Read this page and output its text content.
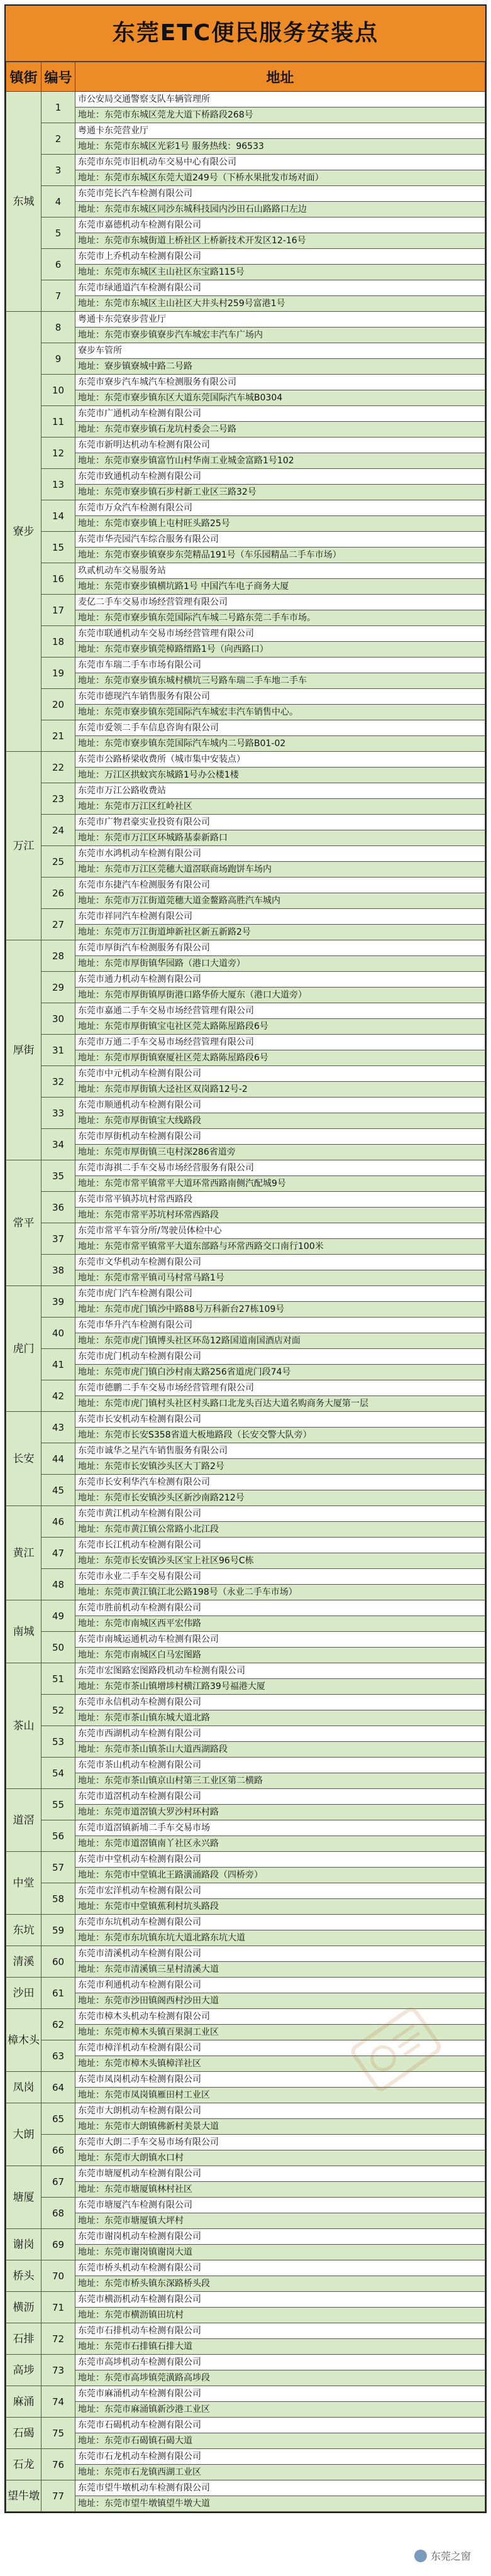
东莞ETC便民服务安装点
镇街	编号	地址
东城	1	市公安局交通警察支队车辆管理所
		地址：东莞市东城区莞龙大道下桥路段268号
	2	粤通卡东莞营业厅
		地址：东莞市东城区光彩1号 服务热线：96533
	3	东莞市东莞市旧机动车交易中心有限公司
		地址：东莞市东城区东莞大道249号（下桥水果批发市场对面）
	4	东莞市莞长汽车检测有限公司
		地址：东莞市东城区同沙东城科技园内沙田石山路路口左边
	5	东莞市嘉德机动车检测有限公司
		地址：东莞市东城街道上桥社区上桥新技术开发区12-16号
	6	东莞市上乔机动车检测有限公司
		地址：东莞市东城区主山社区东宝路115号
	7	东莞市绿通道汽车检测有限公司
		地址：东莞市东城区主山社区大井头村259号富港1号
寮步	8	粤通卡东莞寮步营业厅
		地址：东莞市寮步镇寮步汽车城宏丰汽车广场内
	9	寮步车管所
		地址：寮步镇寮城中路二号路
	10	东莞市寮步汽车城汽车检测服务有限公司
		地址：东莞市寮步镇东区大道东莞国际汽车城B0304
	11	东莞市广通机动车检测有限公司
		地址：东莞市寮步镇石龙坑村委会二号路
	12	东莞市新明达机动车检测有限公司
		地址：东莞市寮步镇富竹山村华南工业城金富路1号102
	13	东莞市致通机动车检测有限公司
		地址：东莞市寮步镇石步村新工业区三路32号
	14	东莞市万众汽车检测有限公司
		地址：东莞市寮步镇上屯村旺头路25号
	15	东莞市华壳园汽车综合服务有限公司
		地址：东莞市寮步镇寮步东莞精品191号（车乐园精品二手车市场）
	16	玖贰机动车交易服务站
		地址：东莞市寮步镇横坑路1号 中国汽车电子商务大厦
	17	麦亿二手车交易市场经营管理有限公司
		地址：东莞市寮步镇东莞国际汽车城二号路东莞二手车市场。
	18	东莞市联通机动车交易市场经营管理有限公司
		地址：东莞市寮步镇莞樟路缙路1号（向西路口）
	19	东莞市车瑞二手车市场有限公司
		地址：东莞市寮步镇东城村横坑三号路车瑞二手车地二手车
	20	东莞市德现汽车销售服务有限公司
		地址：东莞市寮步镇东莞国际汽车城宏丰汽车销售中心。
	21	东莞市爱领二手车信息咨询有限公司
		地址：东莞市寮步镇东莞国际汽车城内二号路B01-02
万江	22	东莞市公路桥梁收费所（城市集中安装点）
		地址：万江区拱蚊宾东城路1号办公楼1楼
	23	东莞市万江公路收费站
		地址：东莞市万江区红岭社区
	24	东莞市广物君豪实业投资有限公司
		地址：东莞市万江区环城路基泰新路口
	25	东莞市水鸿机动车检测有限公司
		地址：东莞市万江区莞穗大道滘联商场跑饼车场内
	26	东莞市东捷汽车检测服务有限公司
		地址：东莞市万江街道莞穗大道金鳌路高胜汽车城内
	27	东莞市祥同汽车检测有限公司
		地址：东莞市万江街道坤新社区新五新路2号
厚街	28	东莞市厚街汽车检测服务有限公司
		地址：东莞市厚街镇华园路（港口大道旁）
	29	东莞市通力机动车检测有限公司
		地址：东莞市厚街镇厚街港口路华侨大厦东（港口大道旁）
	30	东莞市嘉通二手车交易市场经营管理有限公司
		地址：东莞市厚街镇宝屯社区莞太路陈屋路段6号
	31	东莞市万通二手车交易市场经营管理有限公司
		地址：东莞市厚街镇寮厦社区莞太路陈屋路段6号
	32	东莞市中元机动车检测有限公司
		地址：东莞市厚街镇大迳社区双岗路12号-2
	33	东莞市顺通机动车检测有限公司
		地址：东莞市厚街镇宝大线路段
	34	东莞市厚街机动车检测有限公司
		地址：东莞市厚街镇三屯村深286省道旁
常平	35	东莞市海祺二手车交易市场经营服务有限公司
		地址：东莞市常平镇常平大道环常西路南侧汽配城9号
	36	东莞市常平镇苏坑村常西路段
		地址：东莞市常平苏坑村环常西路段
	37	东莞市常平车管分所/驾驶员体检中心
		地址：东莞市常平镇常平大道东部路与环常西路交口南行100米
	38	东莞市文华机动车检测有限公司
		地址：东莞市常平镇司马村常马路1号
虎门	39	东莞市虎门汽车检测有限公司
		地址：东莞市虎门镇沙中路88号万科新台27栋109号
	40	东莞市华升汽车检测有限公司
		地址：东莞市虎门镇博头社区环岛12路国道南国酒店对面
	41	东莞市虎门机动车检测有限公司
		地址：东莞市虎门镇白沙村南太路256省道虎门段74号
	42	东莞市德鹏二手车交易市场经营管理有限公司
		地址：东莞市虎门镇村头社区村头路口北龙头百达大道名购商务大厦第一层
长安	43	东莞市长安机动车检测有限公司
		地址：东莞市长安S358省道大板地路段（长安交警大队旁）
	44	东莞市诚华之星汽车销售服务有限公司
		地址：东莞市长安镇沙头区大丁路2号
	45	东莞市长安利华汽车检测有限公司
		地址：东莞市长安镇沙头区新沙南路212号
黄江	46	东莞市黄江机动车检测有限公司
		地址：东莞市黄江镇公常路小北江段
	47	东莞市长江机动车检测有限公司
		地址：东莞市长安镇沙头区宝上社区96号C栋
	48	东莞市永业二手车交易有限公司
		地址：东莞市黄江镇江北公路198号（永业二手车市场）
南城	49	东莞市胜前机动车检测有限公司
		地址：东莞市南城区西平宏伟路
	50	东莞市南城运通机动车检测有限公司
		地址：东莞市南城区白马宏图路
茶山	51	东莞市宏图路宏图路段机动车检测有限公司
		地址：东莞市茶山镇增埗村横江路39号福港大厦
	52	东莞市永信机动车检测有限公司
		地址：东莞市茶山镇东城大道北路
	53	东莞市西湖机动车检测有限公司
		地址：东莞市茶山镇茶山大道西湖路段
	54	东莞市茶山机动车检测有限公司
		地址：东莞市茶山镇京山村第三工业区第二横路
道滘	55	东莞市道滘机动车检测有限公司
		地址：东莞市道滘镇大罗沙村环村路
	56	东莞市道滘镇新埔二手车交易市场
		地址：东莞市道滘镇南丫社区永兴路
中堂	57	东莞市中堂机动车检测有限公司
		地址：东莞市中堂镇北王路潢涌路段（四桥旁）
	58	东莞市宏洋机动车检测有限公司
		地址：东莞市中堂镇蕉利村坑头路段
东坑	59	东莞市东坑机动车检测有限公司
		地址：东莞市东坑镇东坑大道北路东坑大道
清溪	60	东莞市清溪机动车检测有限公司
		地址：东莞市清溪镇三星村清溪大道
沙田	61	东莞市利通机动车检测有限公司
		地址：东莞市沙田镇阁西村沙田大道
樟木头	62	东莞市樟木头机动车检测有限公司
		地址：东莞市樟木头镇百果洞工业区
	63	东莞市樟洋机动车检测有限公司
		地址：东莞市樟木头镇樟洋社区
凤岗	64	东莞市凤岗机动车检测有限公司
		地址：东莞市凤岗镇雁田村工业区
大朗	65	东莞市大朗机动车检测有限公司
		地址：东莞市大朗镇佛新村美景大道
	66	东莞市大朗二手车交易市场有限公司
		地址：东莞市大朗镇水口村
塘厦	67	东莞市塘厦机动车检测有限公司
		地址：东莞市塘厦镇林村社区
	68	东莞市塘厦汽车检测有限公司
		地址：东莞市塘厦镇大坪村
谢岗	69	东莞市谢岗机动车检测有限公司
		地址：东莞市谢岗镇谢岗大道
桥头	70	东莞市桥头机动车检测有限公司
		地址：东莞市桥头镇东深路桥头段
横沥	71	东莞市横沥机动车检测有限公司
		地址：东莞市横沥镇田坑村
石排	72	东莞市石排机动车检测有限公司
		地址：东莞市石排镇石排大道
高埗	73	东莞市高埗机动车检测有限公司
		地址：东莞市高埗镇莞潢路高埗段
麻涌	74	东莞市麻涌机动车检测有限公司
		地址：东莞市麻涌镇新沙港工业区
石碣	75	东莞市石碣机动车检测有限公司
		地址：东莞市石碣镇石碣大道
石龙	76	东莞市石龙机动车检测有限公司
		地址：东莞市石龙镇西湖工业区
望牛墩	77	东莞市望牛墩机动车检测有限公司
		地址：东莞市望牛墩镇望牛墩大道
东莞之窗
